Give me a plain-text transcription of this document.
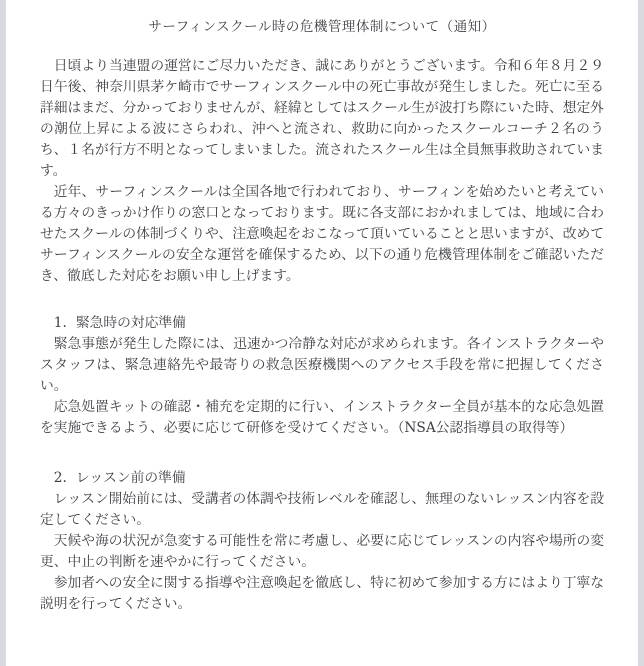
サーフィンスクール時の危機管理体制について（通知）

日頃より当連盟の運営にご尽力いただき、誠にありがとうございます。令和６年８月２９日午後、神奈川県茅ケ崎市でサーフィンスクール中の死亡事故が発生しました。死亡に至る詳細はまだ、分かっておりませんが、経緯としてはスクール生が波打ち際にいた時、想定外の潮位上昇による波にさらわれ、沖へと流され、救助に向かったスクールコーチ２名のうち、１名が行方不明となってしまいました。流されたスクール生は全員無事救助されています。

近年、サーフィンスクールは全国各地で行われており、サーフィンを始めたいと考えている方々のきっかけ作りの窓口となっております。既に各支部におかれましては、地域に合わせたスクールの体制づくりや、注意喚起をおこなって頂いていることと思いますが、改めてサーフィンスクールの安全な運営を確保するため、以下の通り危機管理体制をご確認いただき、徹底した対応をお願い申し上げます。

1. 緊急時の対応準備

緊急事態が発生した際には、迅速かつ冷静な対応が求められます。各インストラクターやスタッフは、緊急連絡先や最寄りの救急医療機関へのアクセス手段を常に把握してください。

応急処置キットの確認・補充を定期的に行い、インストラクター全員が基本的な応急処置を実施できるよう、必要に応じて研修を受けてください。（NSA公認指導員の取得等）

2. レッスン前の準備

レッスン開始前には、受講者の体調や技術レベルを確認し、無理のないレッスン内容を設定してください。

天候や海の状況が急変する可能性を常に考慮し、必要に応じてレッスンの内容や場所の変更、中止の判断を速やかに行ってください。

参加者への安全に関する指導や注意喚起を徹底し、特に初めて参加する方にはより丁寧な説明を行ってください。
